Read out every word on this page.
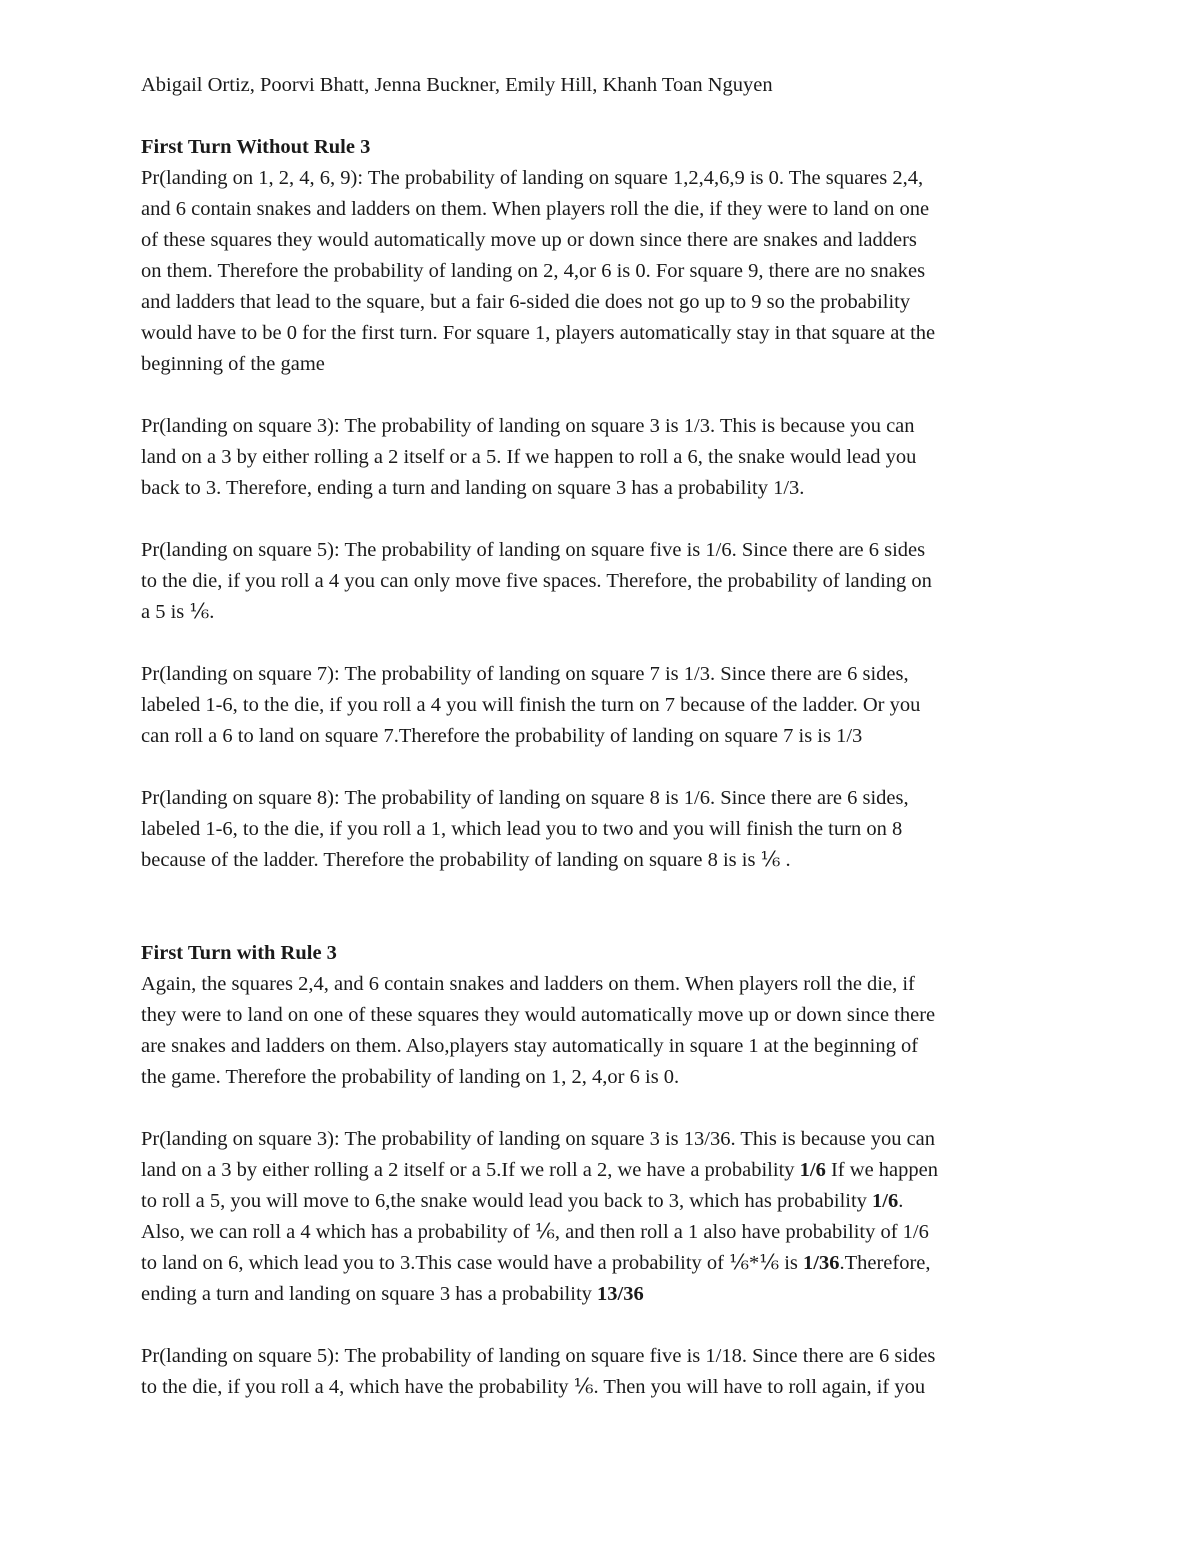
Abigail Ortiz, Poorvi Bhatt, Jenna Buckner, Emily Hill, Khanh Toan Nguyen
First Turn Without Rule 3
Pr(landing on 1, 2, 4, 6, 9): The probability of landing on square 1,2,4,6,9 is 0. The squares 2,4,
and 6 contain snakes and ladders on them. When players roll the die, if they were to land on one
of these squares they would automatically move up or down since there are snakes and ladders
on them. Therefore the probability of landing on 2, 4,or 6 is 0. For square 9, there are no snakes
and ladders that lead to the square, but a fair 6-sided die does not go up to 9 so the probability
would have to be 0 for the first turn. For square 1, players automatically stay in that square at the
beginning of the game
Pr(landing on square 3): The probability of landing on square 3 is 1/3. This is because you can
land on a 3 by either rolling a 2 itself or a 5. If we happen to roll a 6, the snake would lead you
back to 3. Therefore, ending a turn and landing on square 3 has a probability 1/3.
Pr(landing on square 5): The probability of landing on square five is 1/6. Since there are 6 sides
to the die, if you roll a 4 you can only move five spaces. Therefore, the probability of landing on
a 5 is ⅙.
Pr(landing on square 7): The probability of landing on square 7 is 1/3. Since there are 6 sides,
labeled 1-6, to the die, if you roll a 4 you will finish the turn on 7 because of the ladder. Or you
can roll a 6 to land on square 7.Therefore the probability of landing on square 7 is is 1/3
Pr(landing on square 8): The probability of landing on square 8 is 1/6. Since there are 6 sides,
labeled 1-6, to the die, if you roll a 1, which lead you to two and you will finish the turn on 8
because of the ladder. Therefore the probability of landing on square 8 is is ⅙ .
First Turn with Rule 3
Again, the squares 2,4, and 6 contain snakes and ladders on them. When players roll the die, if
they were to land on one of these squares they would automatically move up or down since there
are snakes and ladders on them. Also,players stay automatically in square 1 at the beginning of
the game. Therefore the probability of landing on 1, 2, 4,or 6 is 0.
Pr(landing on square 3): The probability of landing on square 3 is 13/36. This is because you can
land on a 3 by either rolling a 2 itself or a 5.If we roll a 2, we have a probability 1/6 If we happen
to roll a 5, you will move to 6,the snake would lead you back to 3, which has probability 1/6.
Also, we can roll a 4 which has a probability of ⅙, and then roll a 1 also have probability of 1/6
to land on 6, which lead you to 3.This case would have a probability of ⅙*⅙ is 1/36.Therefore,
ending a turn and landing on square 3 has a probability 13/36
Pr(landing on square 5): The probability of landing on square five is 1/18. Since there are 6 sides
to the die, if you roll a 4, which have the probability ⅙. Then you will have to roll again, if you
